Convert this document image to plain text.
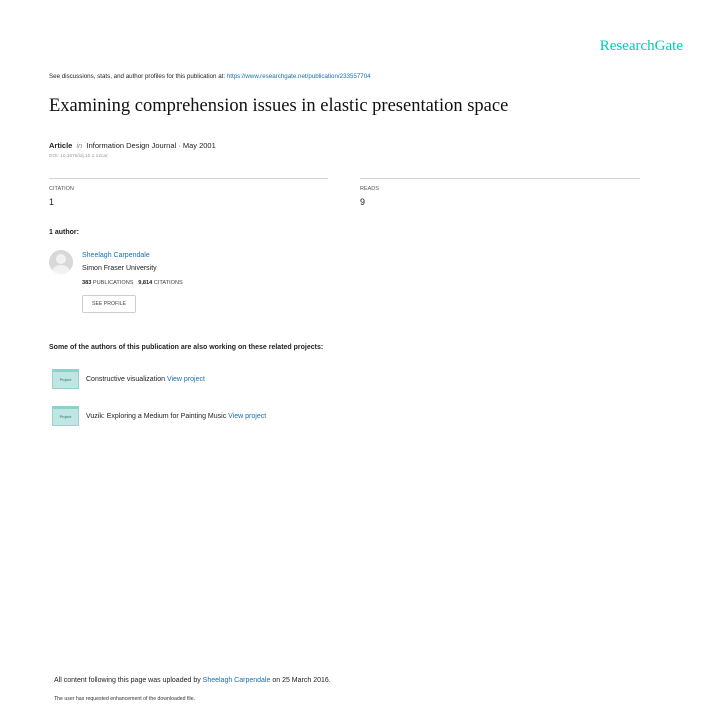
ResearchGate
See discussions, stats, and author profiles for this publication at: https://www.researchgate.net/publication/233557704
Examining comprehension issues in elastic presentation space
Article in Information Design Journal · May 2001
DOI: 10.1075/idj.10.1.12car
CITATION
1
READS
9
1 author:
Sheelagh Carpendale
Simon Fraser University
383 PUBLICATIONS 9,814 CITATIONS
SEE PROFILE
Some of the authors of this publication are also working on these related projects:
Project Constructive visualization View project
Project Vuzik: Exploring a Medium for Painting Music View project
All content following this page was uploaded by Sheelagh Carpendale on 25 March 2016.
The user has requested enhancement of the downloaded file.
